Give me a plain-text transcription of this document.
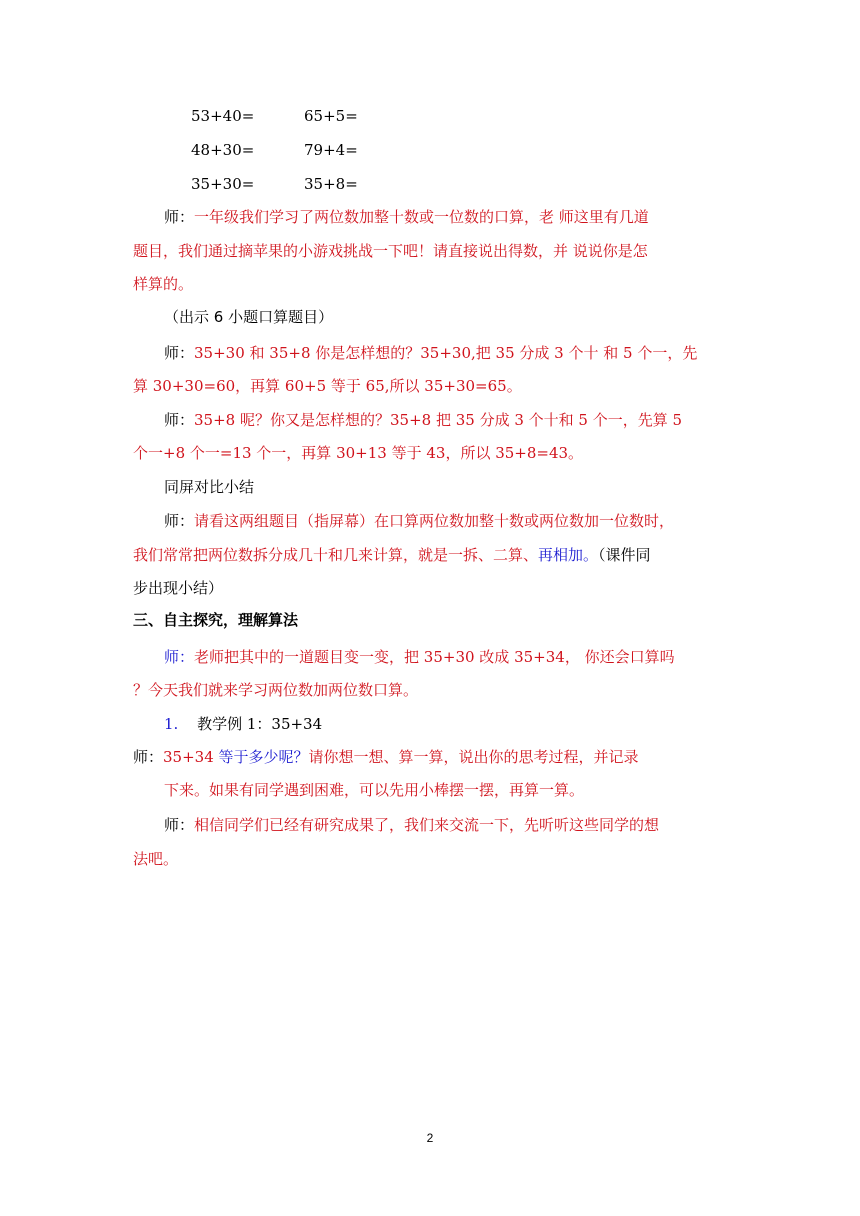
53+40=	65+5=
48+30=	79+4=
35+30=	35+8=
师：一年级我们学习了两位数加整十数或一位数的口算，老 师这里有几道
题目，我们通过摘苹果的小游戏挑战一下吧！请直接说出得数，并 说说你是怎
样算的。
（出示 6 小题口算题目）
师：35+30 和 35+8 你是怎样想的？35+30,把 35 分成 3 个十 和 5 个一，先
算 30+30=60，再算 60+5 等于 65,所以 35+30=65。
师：35+8 呢？你又是怎样想的？35+8 把 35 分成 3 个十和 5 个一，先算 5
个一+8 个一=13 个一，再算 30+13 等于 43，所以 35+8=43。
同屏对比小结
师：请看这两组题目（指屏幕）在口算两位数加整十数或两位数加一位数时，
我们常常把两位数拆分成几十和几来计算，就是一拆、二算、再相加。（课件同
步出现小结）
三、自主探究，理解算法
师：老师把其中的一道题目变一变，把 35+30 改成 35+34， 你还会口算吗
？今天我们就来学习两位数加两位数口算。
1. 教学例 1：35+34
师：35+34 等于多少呢？请你想一想、算一算，说出你的思考过程，并记录
下来。如果有同学遇到困难，可以先用小棒摆一摆，再算一算。
师：相信同学们已经有研究成果了，我们来交流一下，先听听这些同学的想
法吧。
2
